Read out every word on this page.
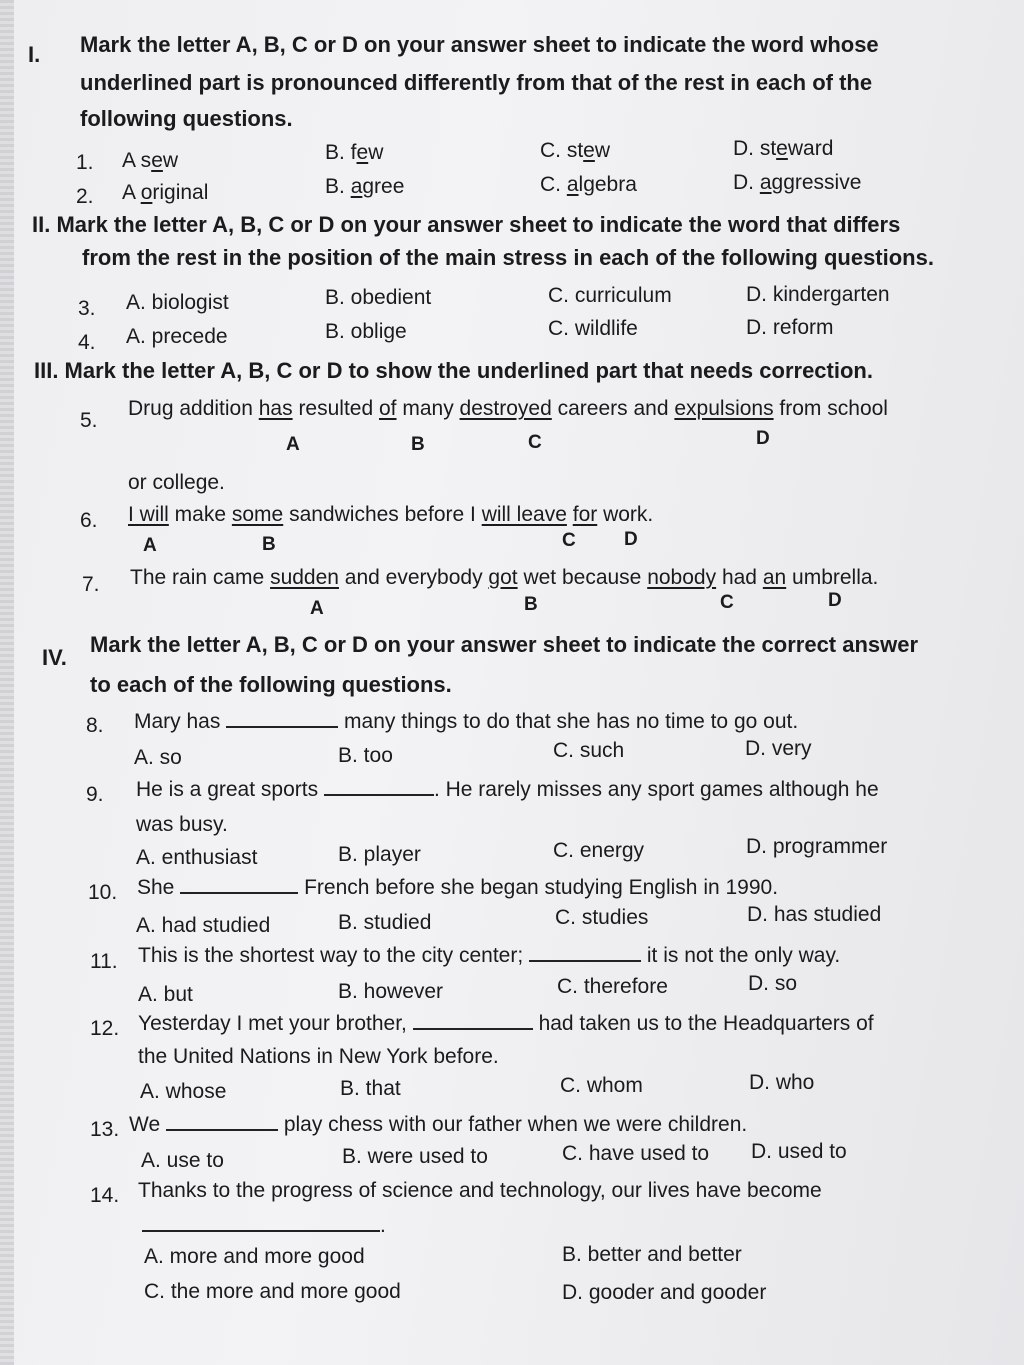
I. Mark the letter A, B, C or D on your answer sheet to indicate the word whose
underlined part is pronounced differently from that of the rest in each of the
following questions.
1. A sew	B. few	C. stew	D. steward
2. A original	B. agree	C. algebra	D. aggressive
II. Mark the letter A, B, C or D on your answer sheet to indicate the word that differs
from the rest in the position of the main stress in each of the following questions.
3. A. biologist	B. obedient	C. curriculum	D. kindergarten
4. A. precede	B. oblige	C. wildlife	D. reform
III. Mark the letter A, B, C or D to show the underlined part that needs correction.
5.
Drug addition has resulted of many destroyed careers and expulsions from school
A	B	C	D
or college.
6. I will make some sandwiches before I will leave for work.
A	B	C	D
7. The rain came sudden and everybody got wet because nobody had an umbrella.
A	B	C	D
IV.
Mark the letter A, B, C or D on your answer sheet to indicate the correct answer
to each of the following questions.
8. Mary has	many things to do that she has no time to go out.
A. so	B. too	C. such	D. very
9. He is a great sports	. He rarely misses any sport games although he
was busy.
A. enthusiast	B. player	C. energy	D. programmer
10. She	French before she began studying English in 1990.
A. had studied	B. studied	C. studies	D. has studied
11. This is the shortest way to the city center;	it is not the only way.
A. but	B. however	C. therefore	D. so
12. Yesterday I met your brother,	had taken us to the Headquarters of
the United Nations in New York before.
A. whose	B. that	C. whom	D. who
13. We	play chess with our father when we were children.
A. use to	B. were used to	C. have used to D. used to
14. Thanks to the progress of science and technology, our lives have become
.
A. more and more good	B. better and better
C. the more and more good	D. gooder and gooder
